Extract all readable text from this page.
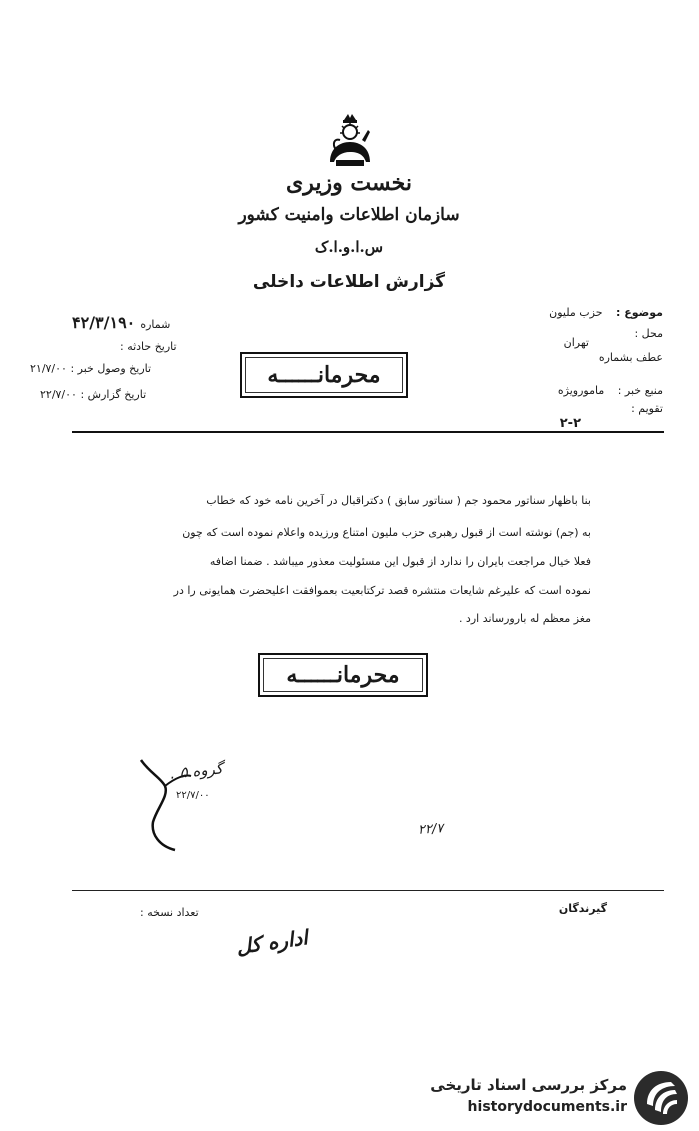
نخست وزیری
سازمان اطلاعات وامنیت کشور
س.ا.و.ا.ک
گزارش اطلاعات داخلی
شماره ۴۲/۳/۱۹۰
تاریخ حادثه :
تاریخ وصول خبر : ۲۱/۷/۰۰
تاریخ گزارش : ۲۲/۷/۰۰
محرمانــــــه
موضوع : حزب ملیون
محل :
تهران
عطف بشماره
منبع خبر : مامورویژه
تقویم :
۲-۲
بنا باظهار سناتور محمود جم ( سناتور سابق ) دکتراقبال در آخرین نامه خود که خطاب
به (جم) نوشته است از قبول رهبری حزب ملیون امتناع ورزیده واعلام نموده است که چون
فعلا خیال مراجعت بایران را ندارد از قبول این مسئولیت معذور میباشد . ضمنا اضافه
نموده است که علیرغم شایعات منتشره قصد ترکتابعیت بعموافقت اعلیحضرت همایونی را در
مغز معظم له بارورساند ارد .
محرمانــــــه
گروه ۵ .
۲۲/۷/۰۰
۲۲/۷
گیرندگان
تعداد نسخه :
اداره کل
مرکز بررسی اسناد تاریخی
historydocuments.ir
